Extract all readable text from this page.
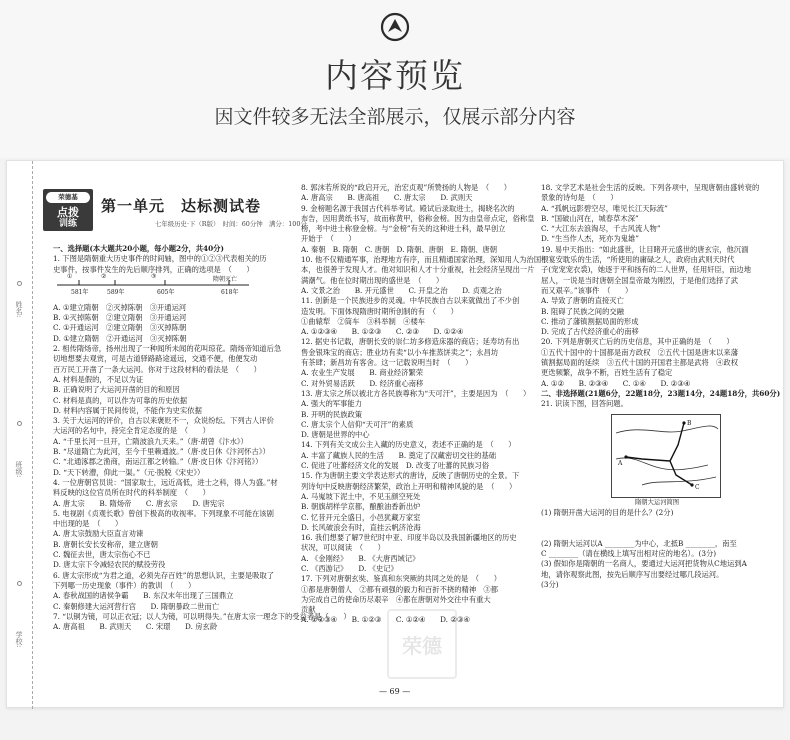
内容预览
因文件较多无法全部展示，仅展示部分内容
学校:
班级:
姓名:
荣德基
点拨
训练
第一单元　达标测试卷
七年级历史·下（R版）　时间：60分钟　满分：100分
一、选择题(本大题共20小题，每小题2分，共40分)
1. 下图是隋朝重大历史事件的时间轴，图中的①②③代表相关的历
史事件，按事件发生的先后顺序排列，正确的选项是　（　　）
①	②	③
581年	589年	605年	618年
隋朝灭亡
A. ①建立隋朝　②灭掉陈朝　③开通运河
B. ①灭掉陈朝　②建立隋朝　③开通运河
C. ①开通运河　②建立隋朝　③灭掉陈朝
D. ①建立隋朝　②开通运河　③灭掉陈朝
2. 相传隋炀帝，扬州出现了一种闻所未闻的花叫琼花。隋炀帝知道后急
切地想要去观赏，可是古道驿路路途遥远，交通不便，他便发动
百万民工开凿了一条大运河。你对于这段材料的看法是　（　　）
A. 材料是假的，不足以为证
B. 正确说明了大运河开凿的目的和原因
C. 材料是真的，可以作为可靠的历史依据
D. 材料内容属于民间传说，不能作为史实依据
3. 关于大运河的评价，自古以来褒贬不一，众说纷纭。下列古人评价
大运河的名句中，持完全肯定态度的是　（　　）
A. “千里长河一旦开，亡隋波浪九天来。”（唐·胡曾《汴水》）
B. “尽道隋亡为此河，至今千里赖通波。”（唐·皮日休《汴河怀古》）
C. “北通涿郡之渔商，南运江都之转输。”（唐·皮日休《汴河铭》）
D. “天下转漕，仰此一渠。”（元·脱脱《宋史》）
4. 一位唐朝官员说：“国家取士，远近高低，进士之科，得人为盛。”材
料反映的这位官员所在时代的科举制度　（　　）
A. 唐太宗　　B. 隋炀帝　　C. 唐玄宗　　D. 唐宪宗
5. 电视剧《贞观长歌》曾创下极高的收视率。下列现象不可能在该剧
中出现的是　（　　）
A. 唐太宗鼓励大臣直言劝谏
B. 唐朝长安长安称帝，建立唐朝
C. 魏征去世，唐太宗伤心不已
D. 唐太宗下令减轻农民的赋役劳役
6. 唐太宗形成“为君之道，必须先存百姓”的思想认识，主要是吸取了
下列哪一历史现象（事件）的教训　（　　）
A. 春秋战国的诸侯争霸　　B. 东汉末年出现了三国鼎立
C. 秦朝修建大运河营行宫　　D. 隋朝暴政二世而亡
7. “以铜为镜，可以正衣冠；以人为镜，可以明得失。”在唐太宗一理念下的受益者是（　　）
A. 唐高祖　　B. 武则天　　C. 宋璟　　D. 房玄龄
8. 郭沫若所说的“政启开元，治宏贞观”所赞扬的人物是　（　　）
A. 唐高宗　　B. 唐高祖　　C. 唐太宗　　D. 武则天
9. 金榜题名源于我国古代科举考试。殿试后录取进士，揭晓名次的
布告，因用黄纸书写，故而称黄甲，俗称金榜。因为由皇帝点定，俗称皇
榜，考中进士称登金榜。与“金榜”有关的这种进士科，最早创立
开始于　（　　）
A. 秦朝　B. 隋朝　C. 唐朝　D. 隋朝、唐朝　E. 隋朝、唐朝
10. 他不仅精通军事，治理地方有序，而且精通国家治理，深知用人为治国根
本，也很善于发现人才。他对知识和人才十分重视，社会经济呈现出一片
满潮气。他在位时期出现的盛世是　（　　）
A. 文景之治　　B. 开元盛世　　C. 开皇之治　　D. 贞观之治
11. 创新是一个民族进步的灵魂。中华民族自古以来就做出了不少创
造发明。下面体现隋唐时期所创制的有　（　　）
①曲辕犁　②筒车　③科举制　④楼车
A. ①②③④　　B. ①②③　　C. ②③　　D. ①②④
12. 据史书记载，唐朝长安的崇仁坊多修造床器的商店；延寿坊有出
售金银珠宝的商店；胜业坊有卖“以小车推蒸饼卖之”；永昌坊
有茶肆；新昌坊有客舍。这一记载说明当时　（　　）
A. 农业生产发展　　B. 商业经济繁荣
C. 对外贸易活跃　　D. 经济重心南移
13. 唐太宗之所以被北方各民族尊称为“天可汗”，主要是因为　（　　）
A. 强大的军事能力
B. 开明的民族政策
C. 唐太宗个人信仰“天可汗”的素质
D. 唐朝是世界的中心
14. 下列有关文成公主入藏的历史意义，表述不正确的是　（　　）
A. 丰富了藏族人民的生活　　B. 奠定了汉藏密切交往的基础
C. 促进了吐蕃经济文化的发展　D. 改变了吐蕃的民族习俗
15. 作为唐朝主要文学表达形式的唐诗，反映了唐朝历史的全景。下
列诗句中反映唐朝经济繁荣，政治上开明和精神风貌的是　（　　）
A. 马嵬坡下泥土中，不见玉颜空死处
B. 朝旗胡样学京都，酿酿油香新出炉
C. 忆昔开元全盛日，小邑犹藏万家室
D. 长风破浪会有时，直挂云帆济沧海
16. 我们想要了解7世纪时中亚、印度半岛以及我国新疆地区的历史
状况，可以阅读　（　　）
A. 《金刚经》　　B. 《大唐西域记》
C. 《西游记》　　D. 《史记》
17. 下列对唐朝玄奘、鉴真和东突厥的共同之处的是　（　　）
①都是唐朝僧人　②都有顽强的毅力和百折不挠的精神　③都
为完成自己的使命历尽艰辛　④都在唐朝对外交往中有重大
贡献
A. ①②③④　　B. ①②③　　C. ①②④　　D. ②③④
18. 文学艺术是社会生活的反映。下列各项中，呈现唐朝由盛转衰的
景象的诗句是　（　　）
A. “孤帆远影碧空尽，唯见长江天际流”
B. “国破山河在，城春草木深”
C. “大江东去浪淘尽，千古风流人物”
D. “生当作人杰，死亦为鬼雄”
19. 易中天指出：“如此盛世，让目睹开元盛世的唐玄宗，他沉湎
于宴安耽乐的生活，“所使用的庸碌之人，政府由武则天时代
子(宠宠宠衣裘)，她逐于平和扬有的二人世界，任用奸臣，而边地
屈人，一说是当时唐朝全国皇帝最为刚烈，于是他们选择了武
而又艰辛。”该事件　（　　）
A. 导致了唐朝的直接灭亡
B. 阻碍了民族之间的交融
C. 推动了藩镇割据局面的形成
D. 完成了古代经济重心的南移
20. 下列是唐朝灭亡后的历史信息，其中正确的是　（　　）
①五代十国中的十国都是南方政权　②五代十国是唐末以来藩
镇割据局面的延续　③五代十国的开国君主都是武将　④政权
更迭频繁，战争不断，百姓生活有了稳定
A. ①②　　B. ②③④　　C. ①④　　D. ②③④
二、非选择题(21题6分，22题18分，23题14分，24题18分，共60分)
21. 识读下图，回答问题。
B
A
C
隋朝大运河简图
(1) 隋朝开凿大运河的目的是什么？(2分)

(2) 隋朝大运河以A ________为中心，北抵B ________，南至
C ________（请在横线上填写出相对应的地名）。(3分)
(3) 假如你是隋朝的一名商人，要通过大运河把货物从C地运到A
地，请你观察此图，按先后顺序写出要经过哪几段运河。
(3分)
荣德
— 69 —
